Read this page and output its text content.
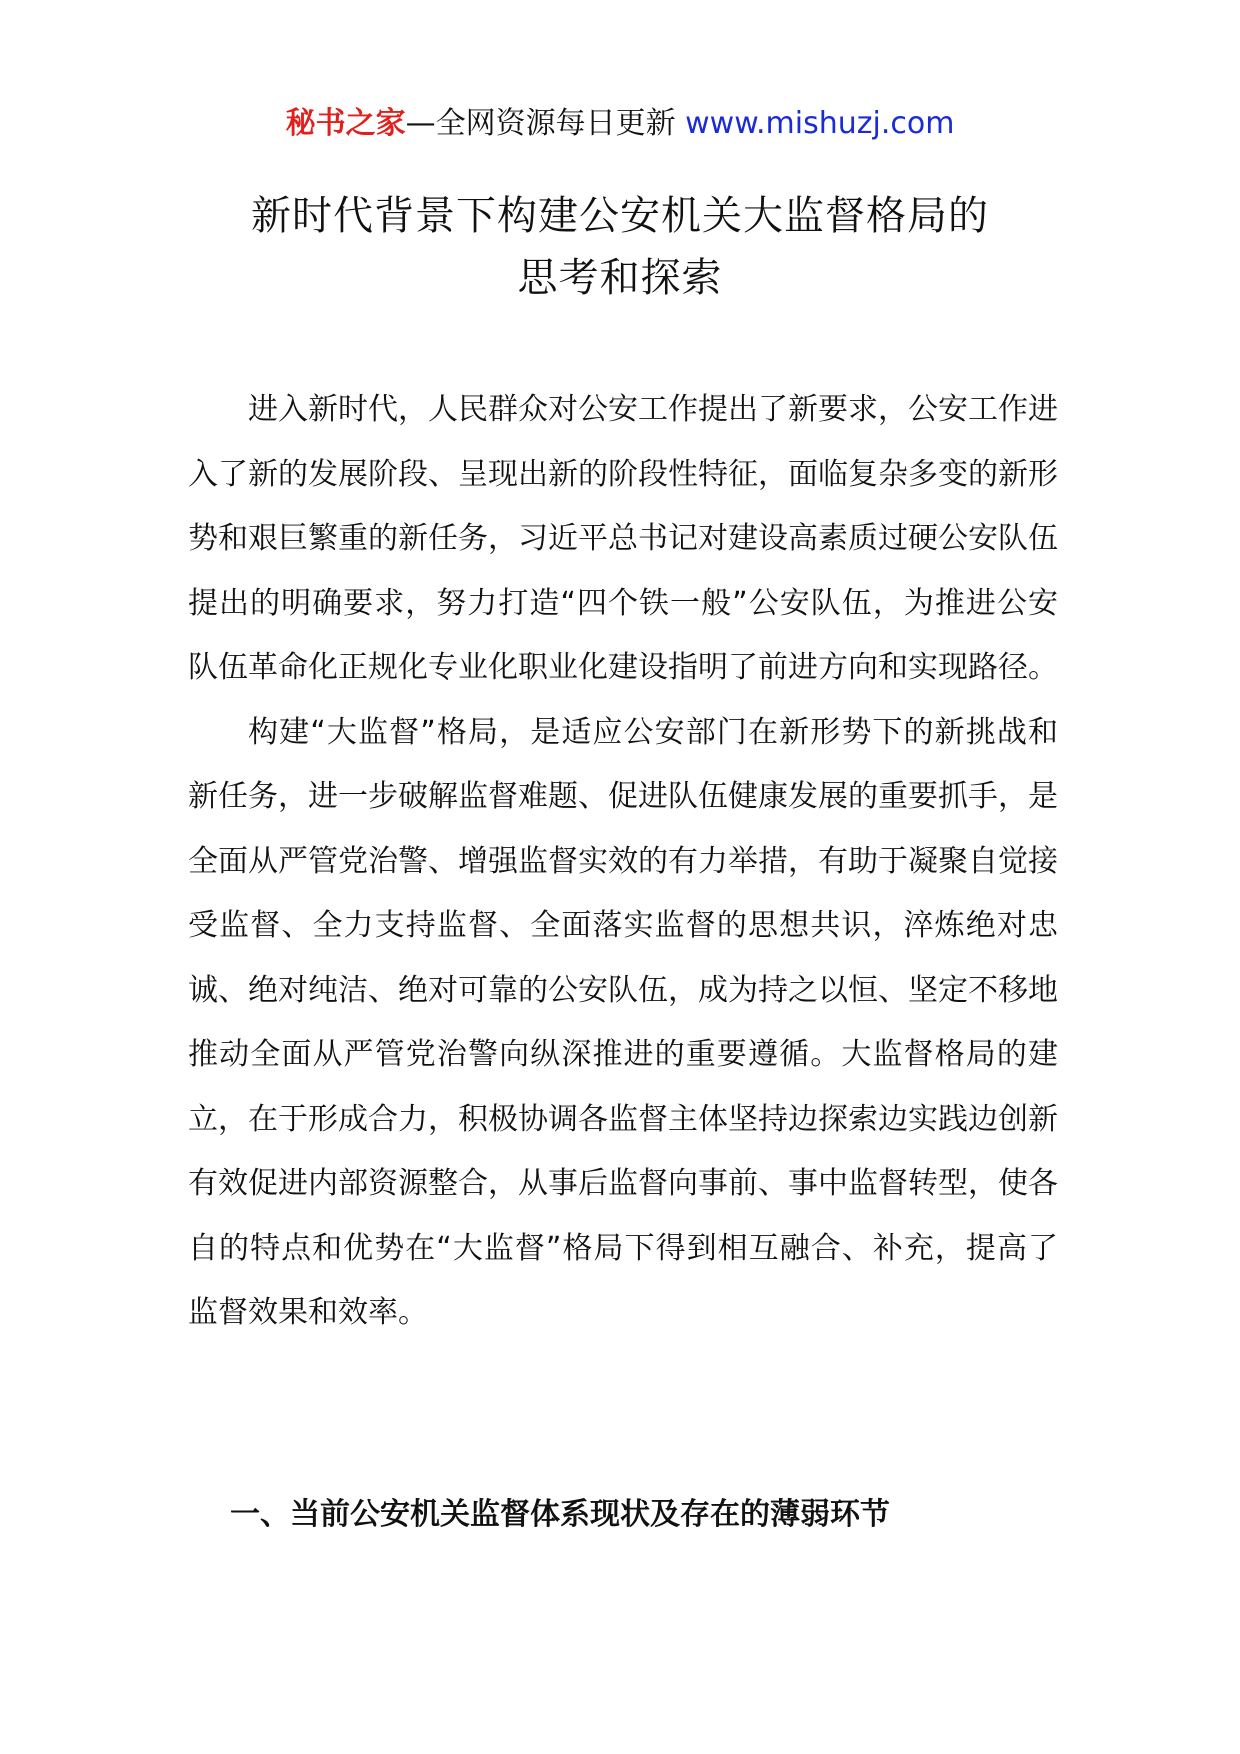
秘书之家—全网资源每日更新 www.mishuzj.com
新时代背景下构建公安机关大监督格局的
思考和探索

进入新时代，人民群众对公安工作提出了新要求，公安工作进入了新的发展阶段、呈现出新的阶段性特征，面临复杂多变的新形势和艰巨繁重的新任务，习近平总书记对建设高素质过硬公安队伍提出的明确要求，努力打造“四个铁一般”公安队伍，为推进公安队伍革命化正规化专业化职业化建设指明了前进方向和实现路径。

构建“大监督”格局，是适应公安部门在新形势下的新挑战和新任务，进一步破解监督难题、促进队伍健康发展的重要抓手，是全面从严管党治警、增强监督实效的有力举措，有助于凝聚自觉接受监督、全力支持监督、全面落实监督的思想共识，淬炼绝对忠诚、绝对纯洁、绝对可靠的公安队伍，成为持之以恒、坚定不移地推动全面从严管党治警向纵深推进的重要遵循。大监督格局的建立，在于形成合力，积极协调各监督主体坚持边探索边实践边创新有效促进内部资源整合，从事后监督向事前、事中监督转型，使各自的特点和优势在“大监督”格局下得到相互融合、补充，提高了监督效果和效率。

一、当前公安机关监督体系现状及存在的薄弱环节
